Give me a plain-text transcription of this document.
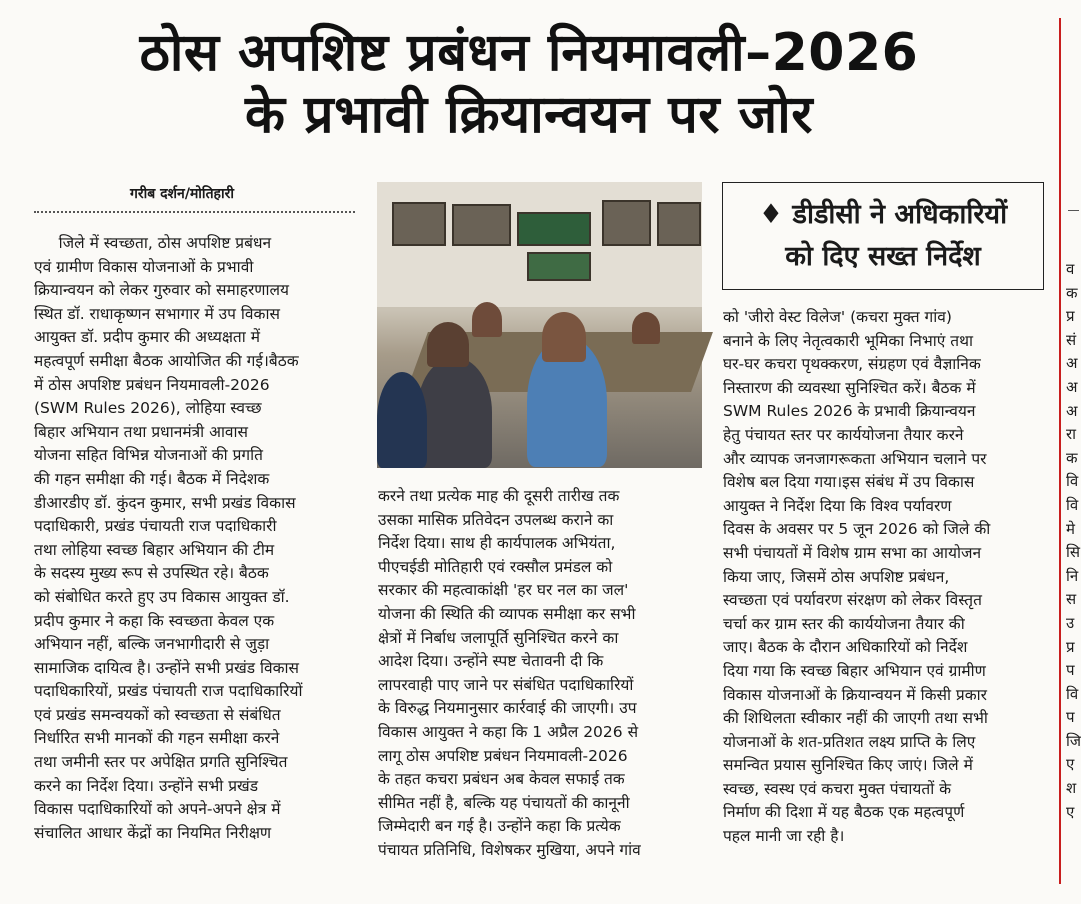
ठोस अपशिष्ट प्रबंधन नियमावली–2026
के प्रभावी क्रियान्वयन पर जोर
व
क
प्र
सं
अ
अ
अ
रा
क
वि
वि
मे
सि
नि
स
उ
प्र
प
वि
प
जि
ए
श
ए
गरीब दर्शन/मोतिहारी
जिले में स्वच्छता, ठोस अपशिष्ट प्रबंधन
एवं ग्रामीण विकास योजनाओं के प्रभावी
क्रियान्वयन को लेकर गुरुवार को समाहरणालय
स्थित डॉ. राधाकृष्णन सभागार में उप विकास
आयुक्त डॉ. प्रदीप कुमार की अध्यक्षता में
महत्वपूर्ण समीक्षा बैठक आयोजित की गई।बैठक
में ठोस अपशिष्ट प्रबंधन नियमावली-2026
(SWM Rules 2026), लोहिया स्वच्छ
बिहार अभियान तथा प्रधानमंत्री आवास
योजना सहित विभिन्न योजनाओं की प्रगति
की गहन समीक्षा की गई। बैठक में निदेशक
डीआरडीए डॉ. कुंदन कुमार, सभी प्रखंड विकास
पदाधिकारी, प्रखंड पंचायती राज पदाधिकारी
तथा लोहिया स्वच्छ बिहार अभियान की टीम
के सदस्य मुख्य रूप से उपस्थित रहे। बैठक
को संबोधित करते हुए उप विकास आयुक्त डॉ.
प्रदीप कुमार ने कहा कि स्वच्छता केवल एक
अभियान नहीं, बल्कि जनभागीदारी से जुड़ा
सामाजिक दायित्व है। उन्होंने सभी प्रखंड विकास
पदाधिकारियों, प्रखंड पंचायती राज पदाधिकारियों
एवं प्रखंड समन्वयकों को स्वच्छता से संबंधित
निर्धारित सभी मानकों की गहन समीक्षा करने
तथा जमीनी स्तर पर अपेक्षित प्रगति सुनिश्चित
करने का निर्देश दिया। उन्होंने सभी प्रखंड
विकास पदाधिकारियों को अपने-अपने क्षेत्र में
संचालित आधार केंद्रों का नियमित निरीक्षण
करने तथा प्रत्येक माह की दूसरी तारीख तक
उसका मासिक प्रतिवेदन उपलब्ध कराने का
निर्देश दिया। साथ ही कार्यपालक अभियंता,
पीएचईडी मोतिहारी एवं रक्सौल प्रमंडल को
सरकार की महत्वाकांक्षी 'हर घर नल का जल'
योजना की स्थिति की व्यापक समीक्षा कर सभी
क्षेत्रों में निर्बाध जलापूर्ति सुनिश्चित करने का
आदेश दिया। उन्होंने स्पष्ट चेतावनी दी कि
लापरवाही पाए जाने पर संबंधित पदाधिकारियों
के विरुद्ध नियमानुसार कार्रवाई की जाएगी। उप
विकास आयुक्त ने कहा कि 1 अप्रैल 2026 से
लागू ठोस अपशिष्ट प्रबंधन नियमावली-2026
के तहत कचरा प्रबंधन अब केवल सफाई तक
सीमित नहीं है, बल्कि यह पंचायतों की कानूनी
जिम्मेदारी बन गई है। उन्होंने कहा कि प्रत्येक
पंचायत प्रतिनिधि, विशेषकर मुखिया, अपने गांव
♦ डीडीसी ने अधिकारियों
को दिए सख्त निर्देश
को 'जीरो वेस्ट विलेज' (कचरा मुक्त गांव)
बनाने के लिए नेतृत्वकारी भूमिका निभाएं तथा
घर-घर कचरा पृथक्करण, संग्रहण एवं वैज्ञानिक
निस्तारण की व्यवस्था सुनिश्चित करें। बैठक में
SWM Rules 2026 के प्रभावी क्रियान्वयन
हेतु पंचायत स्तर पर कार्ययोजना तैयार करने
और व्यापक जनजागरूकता अभियान चलाने पर
विशेष बल दिया गया।इस संबंध में उप विकास
आयुक्त ने निर्देश दिया कि विश्व पर्यावरण
दिवस के अवसर पर 5 जून 2026 को जिले की
सभी पंचायतों में विशेष ग्राम सभा का आयोजन
किया जाए, जिसमें ठोस अपशिष्ट प्रबंधन,
स्वच्छता एवं पर्यावरण संरक्षण को लेकर विस्तृत
चर्चा कर ग्राम स्तर की कार्ययोजना तैयार की
जाए। बैठक के दौरान अधिकारियों को निर्देश
दिया गया कि स्वच्छ बिहार अभियान एवं ग्रामीण
विकास योजनाओं के क्रियान्वयन में किसी प्रकार
की शिथिलता स्वीकार नहीं की जाएगी तथा सभी
योजनाओं के शत-प्रतिशत लक्ष्य प्राप्ति के लिए
समन्वित प्रयास सुनिश्चित किए जाएं। जिले में
स्वच्छ, स्वस्थ एवं कचरा मुक्त पंचायतों के
निर्माण की दिशा में यह बैठक एक महत्वपूर्ण
पहल मानी जा रही है।
